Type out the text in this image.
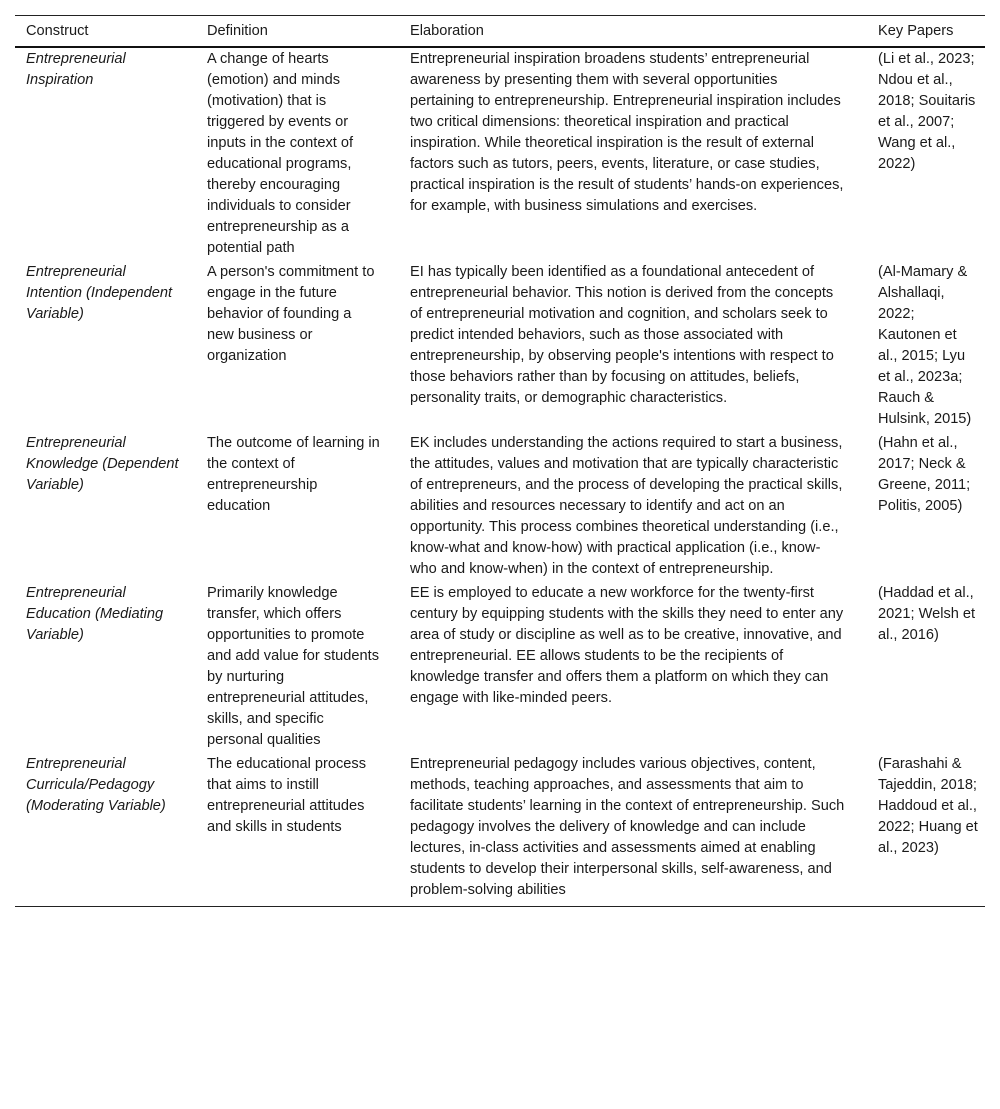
Construct	Definition	Elaboration	Key Papers
Entrepreneurial Inspiration	A change of hearts (emotion) and minds (motivation) that is triggered by events or inputs in the context of educational programs, thereby encouraging individuals to consider entrepreneurship as a potential path	Entrepreneurial inspiration broadens students’ entrepreneurial awareness by presenting them with several opportunities pertaining to entrepreneurship. Entrepreneurial inspiration includes two critical dimensions: theoretical inspiration and practical inspiration. While theoretical inspiration is the result of external factors such as tutors, peers, events, literature, or case studies, practical inspiration is the result of students’ hands-on experiences, for example, with business simulations and exercises.	(Li et al., 2023; Ndou et al., 2018; Souitaris et al., 2007; Wang et al., 2022)
Entrepreneurial Intention (Independent Variable)	A person's commitment to engage in the future behavior of founding a new business or organization	EI has typically been identified as a foundational antecedent of entrepreneurial behavior. This notion is derived from the concepts of entrepreneurial motivation and cognition, and scholars seek to predict intended behaviors, such as those associated with entrepreneurship, by observing people's intentions with respect to those behaviors rather than by focusing on attitudes, beliefs, personality traits, or demographic characteristics.	(Al-Mamary & Alshallaqi, 2022; Kautonen et al., 2015; Lyu et al., 2023a; Rauch & Hulsink, 2015)
Entrepreneurial Knowledge (Dependent Variable)	The outcome of learning in the context of entrepreneurship education	EK includes understanding the actions required to start a business, the attitudes, values and motivation that are typically characteristic of entrepreneurs, and the process of developing the practical skills, abilities and resources necessary to identify and act on an opportunity. This process combines theoretical understanding (i.e., know-what and know-how) with practical application (i.e., know-who and know-when) in the context of entrepreneurship.	(Hahn et al., 2017; Neck & Greene, 2011; Politis, 2005)
Entrepreneurial Education (Mediating Variable)	Primarily knowledge transfer, which offers opportunities to promote and add value for students by nurturing entrepreneurial attitudes, skills, and specific personal qualities	EE is employed to educate a new workforce for the twenty-first century by equipping students with the skills they need to enter any area of study or discipline as well as to be creative, innovative, and entrepreneurial. EE allows students to be the recipients of knowledge transfer and offers them a platform on which they can engage with like-minded peers.	(Haddad et al., 2021; Welsh et al., 2016)
Entrepreneurial Curricula/Pedagogy (Moderating Variable)	The educational process that aims to instill entrepreneurial attitudes and skills in students	Entrepreneurial pedagogy includes various objectives, content, methods, teaching approaches, and assessments that aim to facilitate students’ learning in the context of entrepreneurship. Such pedagogy involves the delivery of knowledge and can include lectures, in-class activities and assessments aimed at enabling students to develop their interpersonal skills, self-awareness, and problem-solving abilities	(Farashahi & Tajeddin, 2018; Haddoud et al., 2022; Huang et al., 2023)
